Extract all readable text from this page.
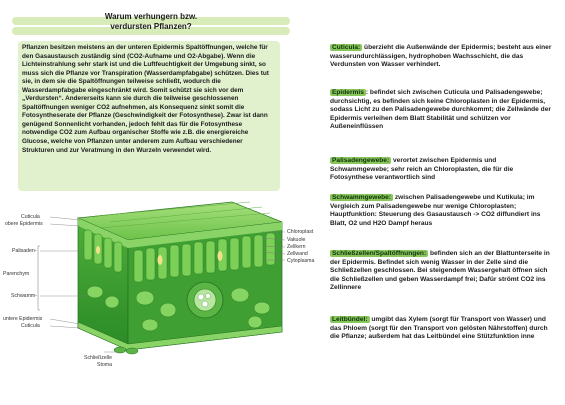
Warum verhungern bzw.
verdursten Pflanzen?

Pflanzen besitzen meistens an der unteren Epidermis Spaltöffnungen, welche für den Gasaustausch zuständig sind (CO2-Aufname und O2-Abgabe). Wenn die Lichteinstrahlung sehr stark ist und die Luftfeuchtigkeit der Umgebung sinkt, so muss sich die Pflanze vor Transpiration (Wasserdampfabgabe) schützen. Dies tut sie, in dem sie die Spaltöffnungen teilweise schließt, wodurch die Wasserdampfabgabe eingeschränkt wird. Somit schützt sie sich vor dem „Verdursten“. Andererseits kann sie durch die teilweise geschlossenen Spaltöffnungen weniger CO2 aufnehmen, als Konsequenz sinkt somit die Fotosyntheserate der Pflanze (Geschwindigkeit der Fotosynthese). Zwar ist dann genügend Sonnenlicht vorhanden, jedoch fehlt das für die Fotosynthese notwendige CO2 zum Aufbau organischer Stoffe wie z.B. die energiereiche Glucose, welche von Pflanzen unter anderem zum Aufbau verschiedener Strukturen und zur Veratmung in den Wurzeln verwendet wird.

Cuticula: überzieht die Außenwände der Epidermis; besteht aus einer wasserundurchlässigen, hydrophoben Wachsschicht, die das Verdunsten von Wasser verhindert.
Epidermis : befindet sich zwischen Cuticula und Palisadengewebe; durchsichtig, es befinden sich keine Chloroplasten in der Epidermis, sodass Licht zu den Palisadengewebe durchkommt; die Zellwände der Epidermis verleihen dem Blatt Stabilität und schützen vor Außeneinflüssen
Palisadengewebe: verortet zwischen Epidermis und Schwammgewebe; sehr reich an Chloroplasten, die für die Fotosynthese verantwortlich sind
Schwammgewebe: zwischen Palisadengewebe und Kutikula; im Vergleich zum Palisadengewebe nur wenige Chloroplasten; Hauptfunktion: Steuerung des Gasaustausch -> CO2 diffundiert ins Blatt, O2 und H2O Dampf heraus
Schließzellen/Spaltöffnungen: befinden sich an der Blattunterseite in der Epidermis. Befindet sich wenig Wasser in der Zelle sind die Schließzellen geschlossen. Bei steigendem Wassergehalt öffnen sich die Schließzellen und geben Wasserdampf frei; Dafür strömt CO2 ins Zellinnere
Leitbündel: umgibt das Xylem (sorgt für Transport von Wasser) und das Phloem (sorgt für den Transport von gelösten Nährstoffen) durch die Pflanze; außerdem hat das Leitbündel eine Stützfunktion inne
Cuticula
obere Epidermis
Palisaden-
Parenchym
Schwamm-
untere Epidermis
Cuticula
Schließzelle
Stoma
Chloroplast
Vakuole
Zellkern
Zellwand
Cytoplasma
